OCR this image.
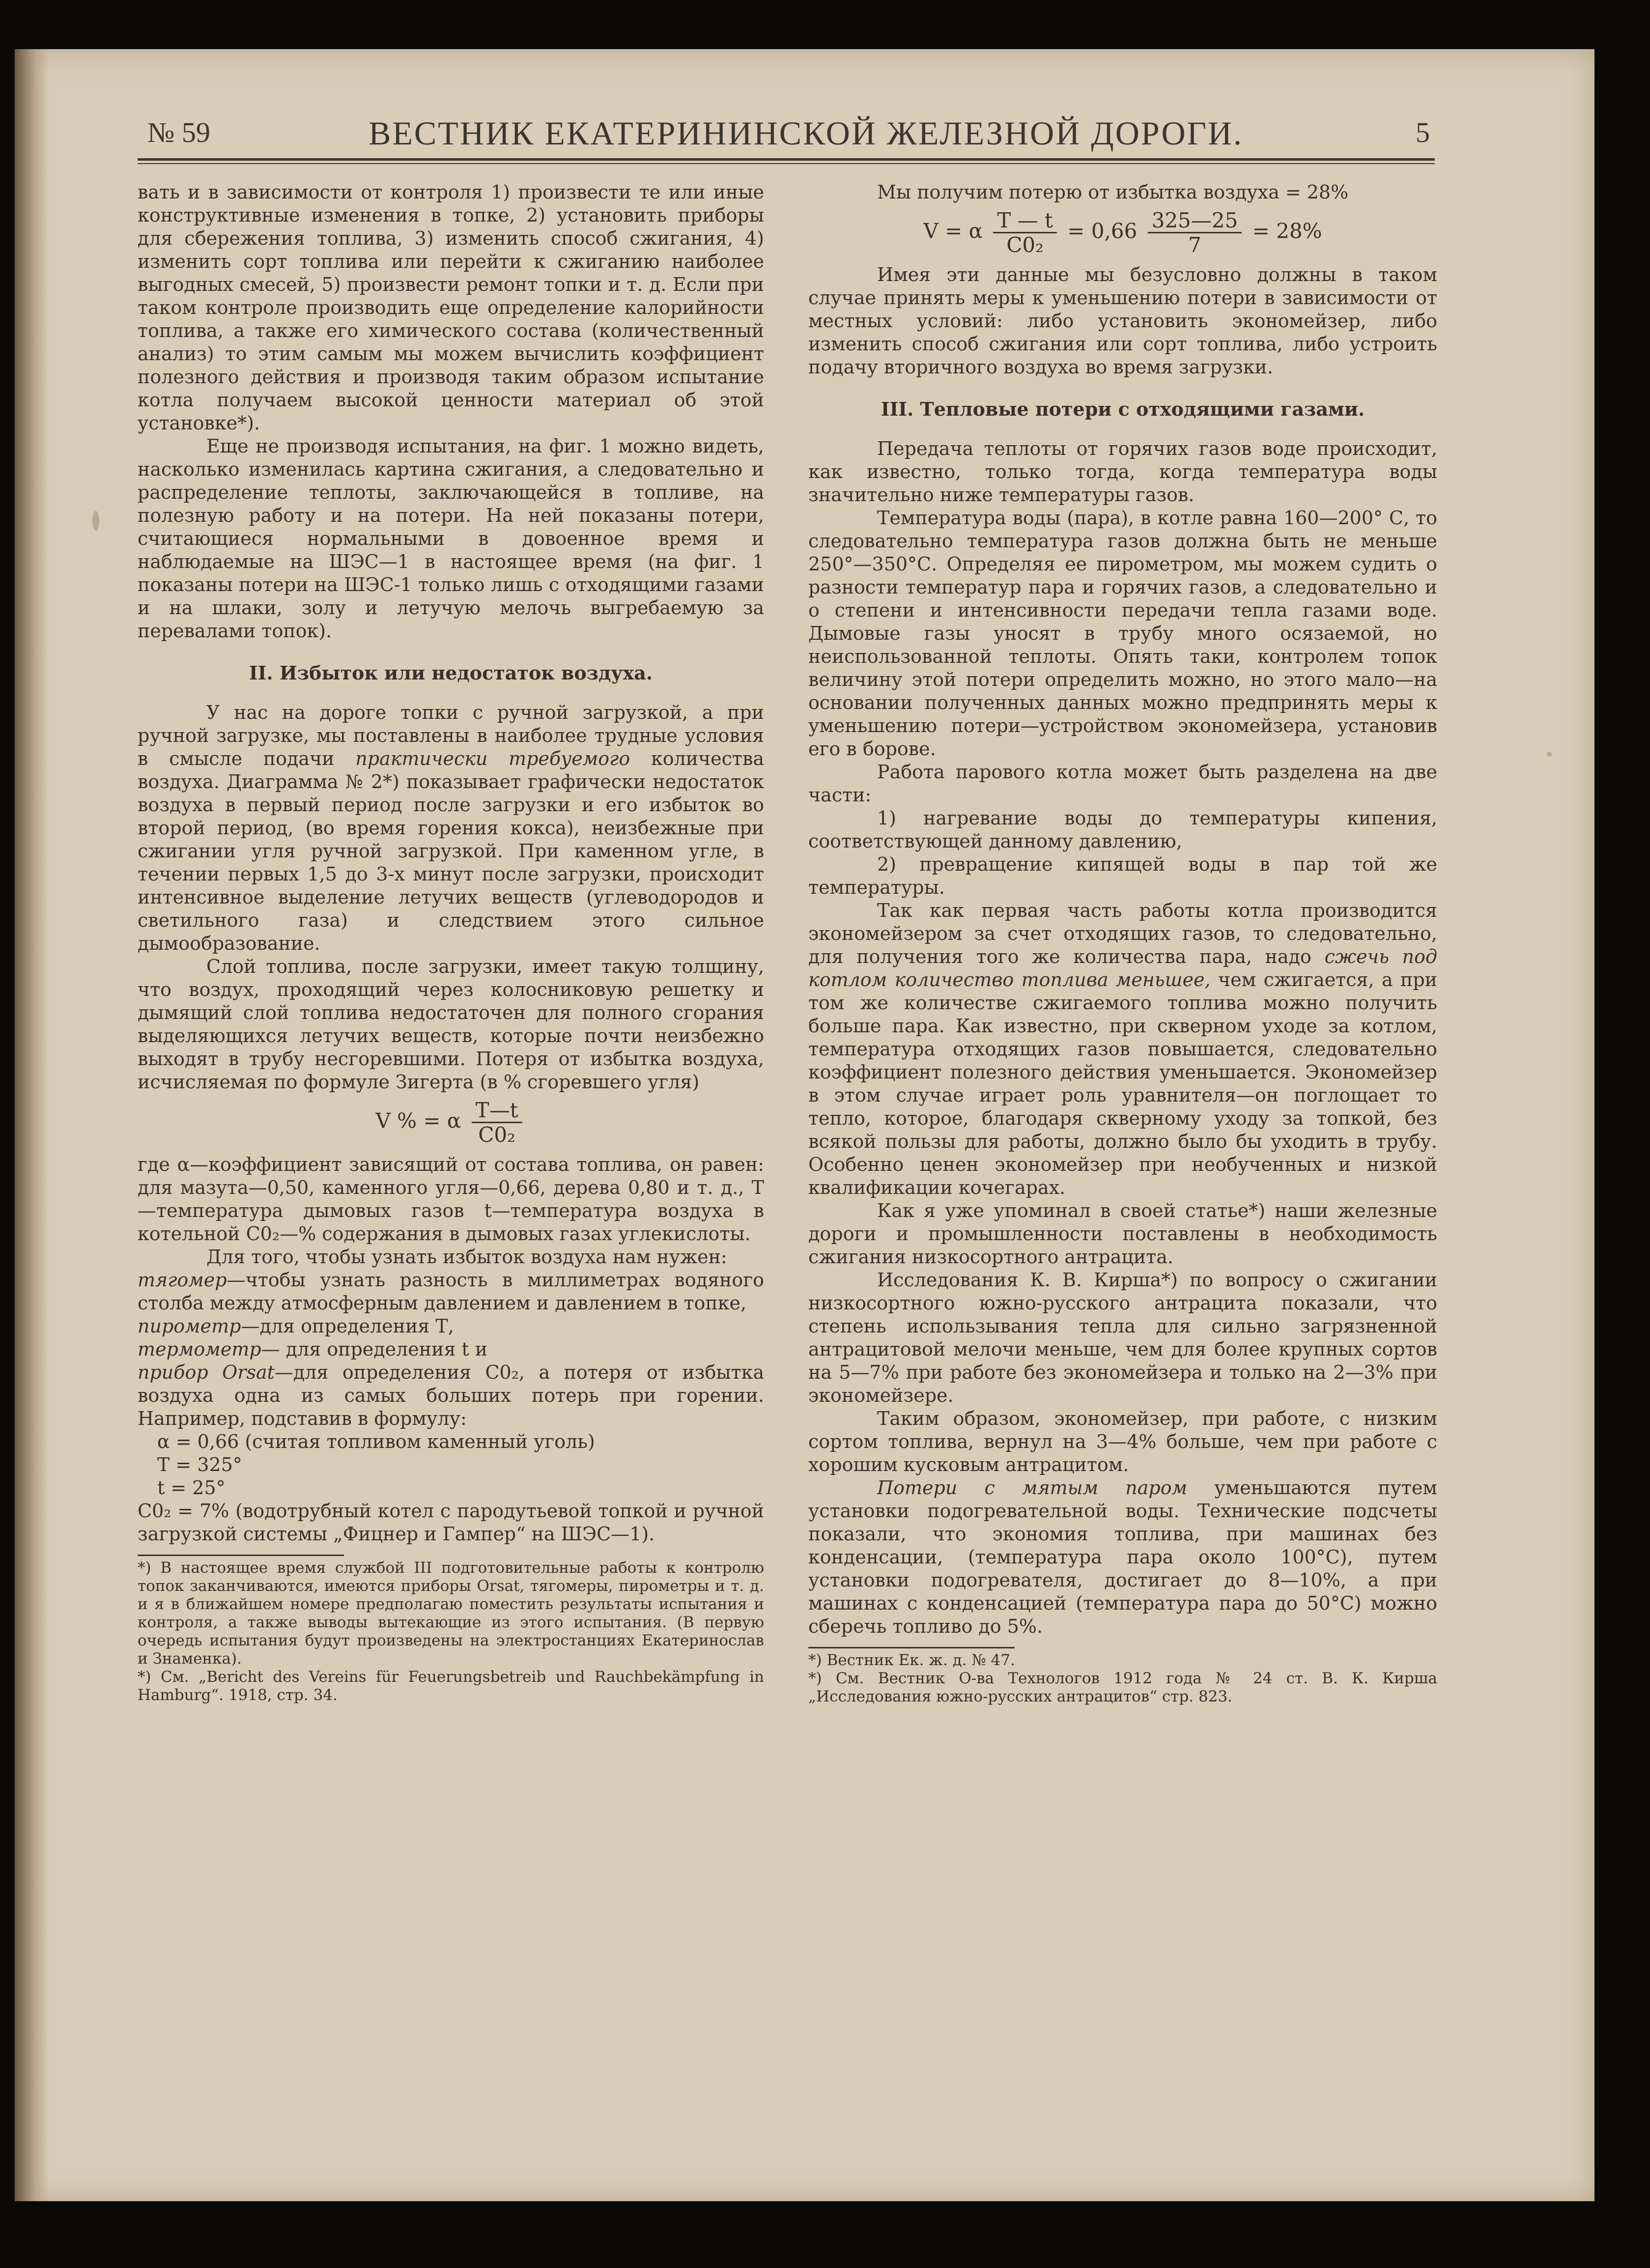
№ 59	ВЕСТНИК ЕКАТЕРИНИНСКОЙ ЖЕЛЕЗНОЙ ДОРОГИ.	5

вать и в зависимости от контроля 1) произвести те или иные конструктивные изменения в топке, 2) установить приборы для сбережения топлива, 3) изменить способ сжигания, 4) изменить сорт топлива или перейти к сжиганию наиболее выгодных смесей, 5) произвести ремонт топки и т. д. Если при таком контроле производить еще определение калорийности топлива, а также его химического состава (количественный анализ) то этим самым мы можем вычислить коэффициент полезного действия и производя таким образом испытание котла получаем высокой ценности материал об этой установке*).

Еще не производя испытания, на фиг. 1 можно видеть, насколько изменилась картина сжигания, а следовательно и распределение теплоты, заключающейся в топливе, на полезную работу и на потери. На ней показаны потери, считающиеся нормальными в довоенное время и наблюдаемые на ШЭС—1 в настоящее время (на фиг. 1 показаны потери на ШЭС-1 только лишь с отходящими газами и на шлаки, золу и летучую мелочь выгребаемую за перевалами топок).

II. Избыток или недостаток воздуха.

У нас на дороге топки с ручной загрузкой, а при ручной загрузке, мы поставлены в наиболее трудные условия в смысле подачи практически требуемого количества воздуха. Диаграмма № 2*) показывает графически недостаток воздуха в первый период после загрузки и его избыток во второй период, (во время горения кокса), неизбежные при сжигании угля ручной загрузкой. При каменном угле, в течении первых 1,5 до 3-х минут после загрузки, происходит интенсивное выделение летучих веществ (углеводородов и светильного газа) и следствием этого сильное дымообразование.

Слой топлива, после загрузки, имеет такую толщину, что воздух, проходящий через колосниковую решетку и дымящий слой топлива недостаточен для полного сгорания выделяющихся летучих веществ, которые почти неизбежно выходят в трубу несгоревшими. Потеря от избытка воздуха, исчисляемая по формуле Зигерта (в % сгоревшего угля)

V % = α $\frac{T—t}{\text{C0₂}}$

где α—коэффициент зависящий от состава топлива, он равен: для мазута—0,50, каменного угля—0,66, дерева 0,80 и т. д., Т—температура дымовых газов t—температура воздуха в котельной С0₂—% содержания в дымовых газах углекислоты.

Для того, чтобы узнать избыток воздуха нам нужен:

тягомер—чтобы узнать разность в миллиметрах водяного столба между атмосферным давлением и давлением в топке,

пирометр—для определения Т,

термометр— для определения t и

прибор Orsat—для определения С0₂, а потеря от избытка воздуха одна из самых больших потерь при горении. Например, подставив в формулу:

α = 0,66 (считая топливом каменный уголь)

T = 325°

t = 25°

С0₂ = 7% (водотрубный котел с пародутьевой топкой и ручной загрузкой системы „Фицнер и Гампер“ на ШЭС—1).

*) В настоящее время службой III подготовительные работы к контролю топок заканчиваются, имеются приборы Orsat, тягомеры, пирометры и т. д. и я в ближайшем номере предполагаю поместить результаты испытания и контроля, а также выводы вытекающие из этого испытания. (В первую очередь испытания будут произведены на электростанциях Екатеринослав и Знаменка).

*) См. „Bericht des Vereins für Feuerungsbetreib und Rauchbekämpfung in Hamburg“. 1918, стр. 34.

Мы получим потерю от избытка воздуха = 28%

V = α $\frac{T — t}{\text{C0₂}} = 0,66 \frac{325—25}{7} = 28\%$

Имея эти данные мы безусловно должны в таком случае принять меры к уменьшению потери в зависимости от местных условий: либо установить экономейзер, либо изменить способ сжигания или сорт топлива, либо устроить подачу вторичного воздуха во время загрузки.

III. Тепловые потери с отходящими газами.

Передача теплоты от горячих газов воде происходит, как известно, только тогда, когда температура воды значительно ниже температуры газов.

Температура воды (пара), в котле равна 160—200° С, то следовательно температура газов должна быть не меньше 250°—350°С. Определяя ее пирометром, мы можем судить о разности температур пара и горячих газов, а следовательно и о степени и интенсивности передачи тепла газами воде. Дымовые газы уносят в трубу много осязаемой, но неиспользованной теплоты. Опять таки, контролем топок величину этой потери определить можно, но этого мало—на основании полученных данных можно предпринять меры к уменьшению потери—устройством экономейзера, установив его в борове.

Работа парового котла может быть разделена на две части:

1) нагревание воды до температуры кипения, соответствующей данному давлению,

2) превращение кипящей воды в пар той же температуры.

Так как первая часть работы котла производится экономейзером за счет отходящих газов, то следовательно, для получения того же количества пара, надо сжечь под котлом количество топлива меньшее, чем сжигается, а при том же количестве сжигаемого топлива можно получить больше пара. Как известно, при скверном уходе за котлом, температура отходящих газов повышается, следовательно коэффициент полезного действия уменьшается. Экономейзер в этом случае играет роль уравнителя—он поглощает то тепло, которое, благодаря скверному уходу за топкой, без всякой пользы для работы, должно было бы уходить в трубу. Особенно ценен экономейзер при необученных и низкой квалификации кочегарах.

Как я уже упоминал в своей статье*) наши железные дороги и промышленности поставлены в необходимость сжигания низкосортного антрацита.

Исследования К. В. Кирша*) по вопросу о сжигании низкосортного южно-русского антрацита показали, что степень использывания тепла для сильно загрязненной антрацитовой мелочи меньше, чем для более крупных сортов на 5—7% при работе без экономейзера и только на 2—3% при экономейзере.

Таким образом, экономейзер, при работе, с низким сортом топлива, вернул на 3—4% больше, чем при работе с хорошим кусковым антрацитом.

Потери с мятым паром уменьшаются путем установки подогревательной воды. Технические подсчеты показали, что экономия топлива, при машинах без конденсации, (температура пара около 100°С), путем установки подогревателя, достигает до 8—10%, а при машинах с конденсацией (температура пара до 50°С) можно сберечь топливо до 5%.

*) Вестник Ек. ж. д. № 47.

*) См. Вестник О-ва Технологов 1912 года № 24 ст. В. К. Кирша „Исследования южно-русских антрацитов“ стр. 823.
